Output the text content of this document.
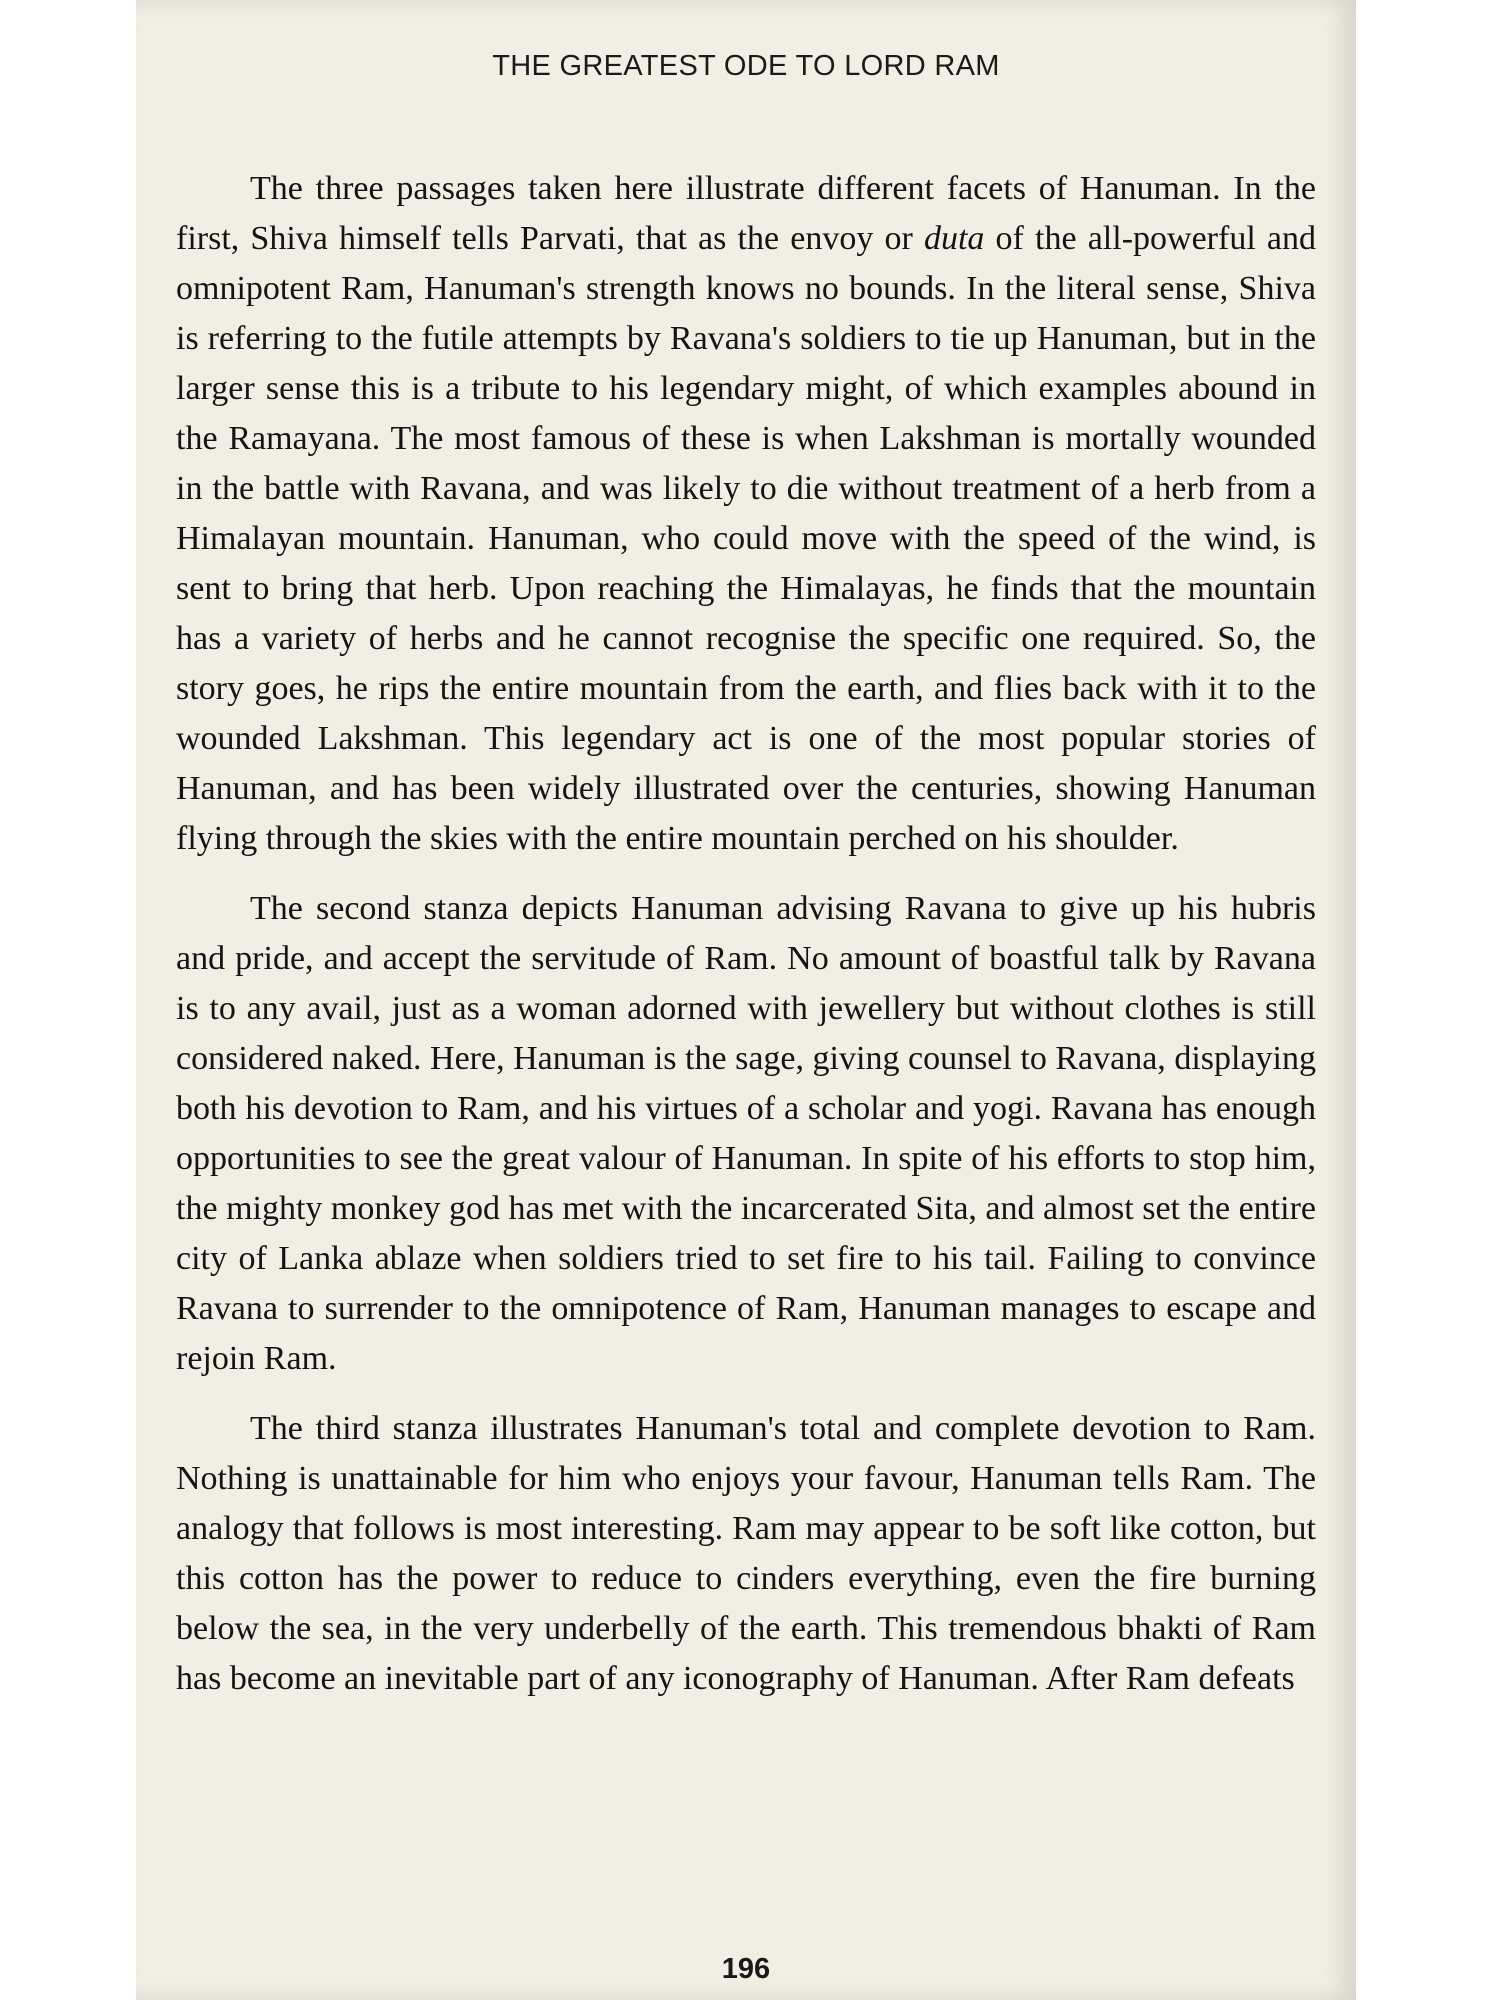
THE GREATEST ODE TO LORD RAM

The three passages taken here illustrate different facets of Hanuman. In the first, Shiva himself tells Parvati, that as the envoy or duta of the all-powerful and omnipotent Ram, Hanuman's strength knows no bounds. In the literal sense, Shiva is referring to the futile attempts by Ravana's soldiers to tie up Hanuman, but in the larger sense this is a tribute to his legendary might, of which examples abound in the Ramayana. The most famous of these is when Lakshman is mortally wounded in the battle with Ravana, and was likely to die without treatment of a herb from a Himalayan mountain. Hanuman, who could move with the speed of the wind, is sent to bring that herb. Upon reaching the Himalayas, he finds that the mountain has a variety of herbs and he cannot recognise the specific one required. So, the story goes, he rips the entire mountain from the earth, and flies back with it to the wounded Lakshman. This legendary act is one of the most popular stories of Hanuman, and has been widely illustrated over the centuries, showing Hanuman flying through the skies with the entire mountain perched on his shoulder.

The second stanza depicts Hanuman advising Ravana to give up his hubris and pride, and accept the servitude of Ram. No amount of boastful talk by Ravana is to any avail, just as a woman adorned with jewellery but without clothes is still considered naked. Here, Hanuman is the sage, giving counsel to Ravana, displaying both his devotion to Ram, and his virtues of a scholar and yogi. Ravana has enough opportunities to see the great valour of Hanuman. In spite of his efforts to stop him, the mighty monkey god has met with the incarcerated Sita, and almost set the entire city of Lanka ablaze when soldiers tried to set fire to his tail. Failing to convince Ravana to surrender to the omnipotence of Ram, Hanuman manages to escape and rejoin Ram.

The third stanza illustrates Hanuman's total and complete devotion to Ram. Nothing is unattainable for him who enjoys your favour, Hanuman tells Ram. The analogy that follows is most interesting. Ram may appear to be soft like cotton, but this cotton has the power to reduce to cinders everything, even the fire burning below the sea, in the very underbelly of the earth. This tremendous bhakti of Ram has become an inevitable part of any iconography of Hanuman. After Ram defeats

196
